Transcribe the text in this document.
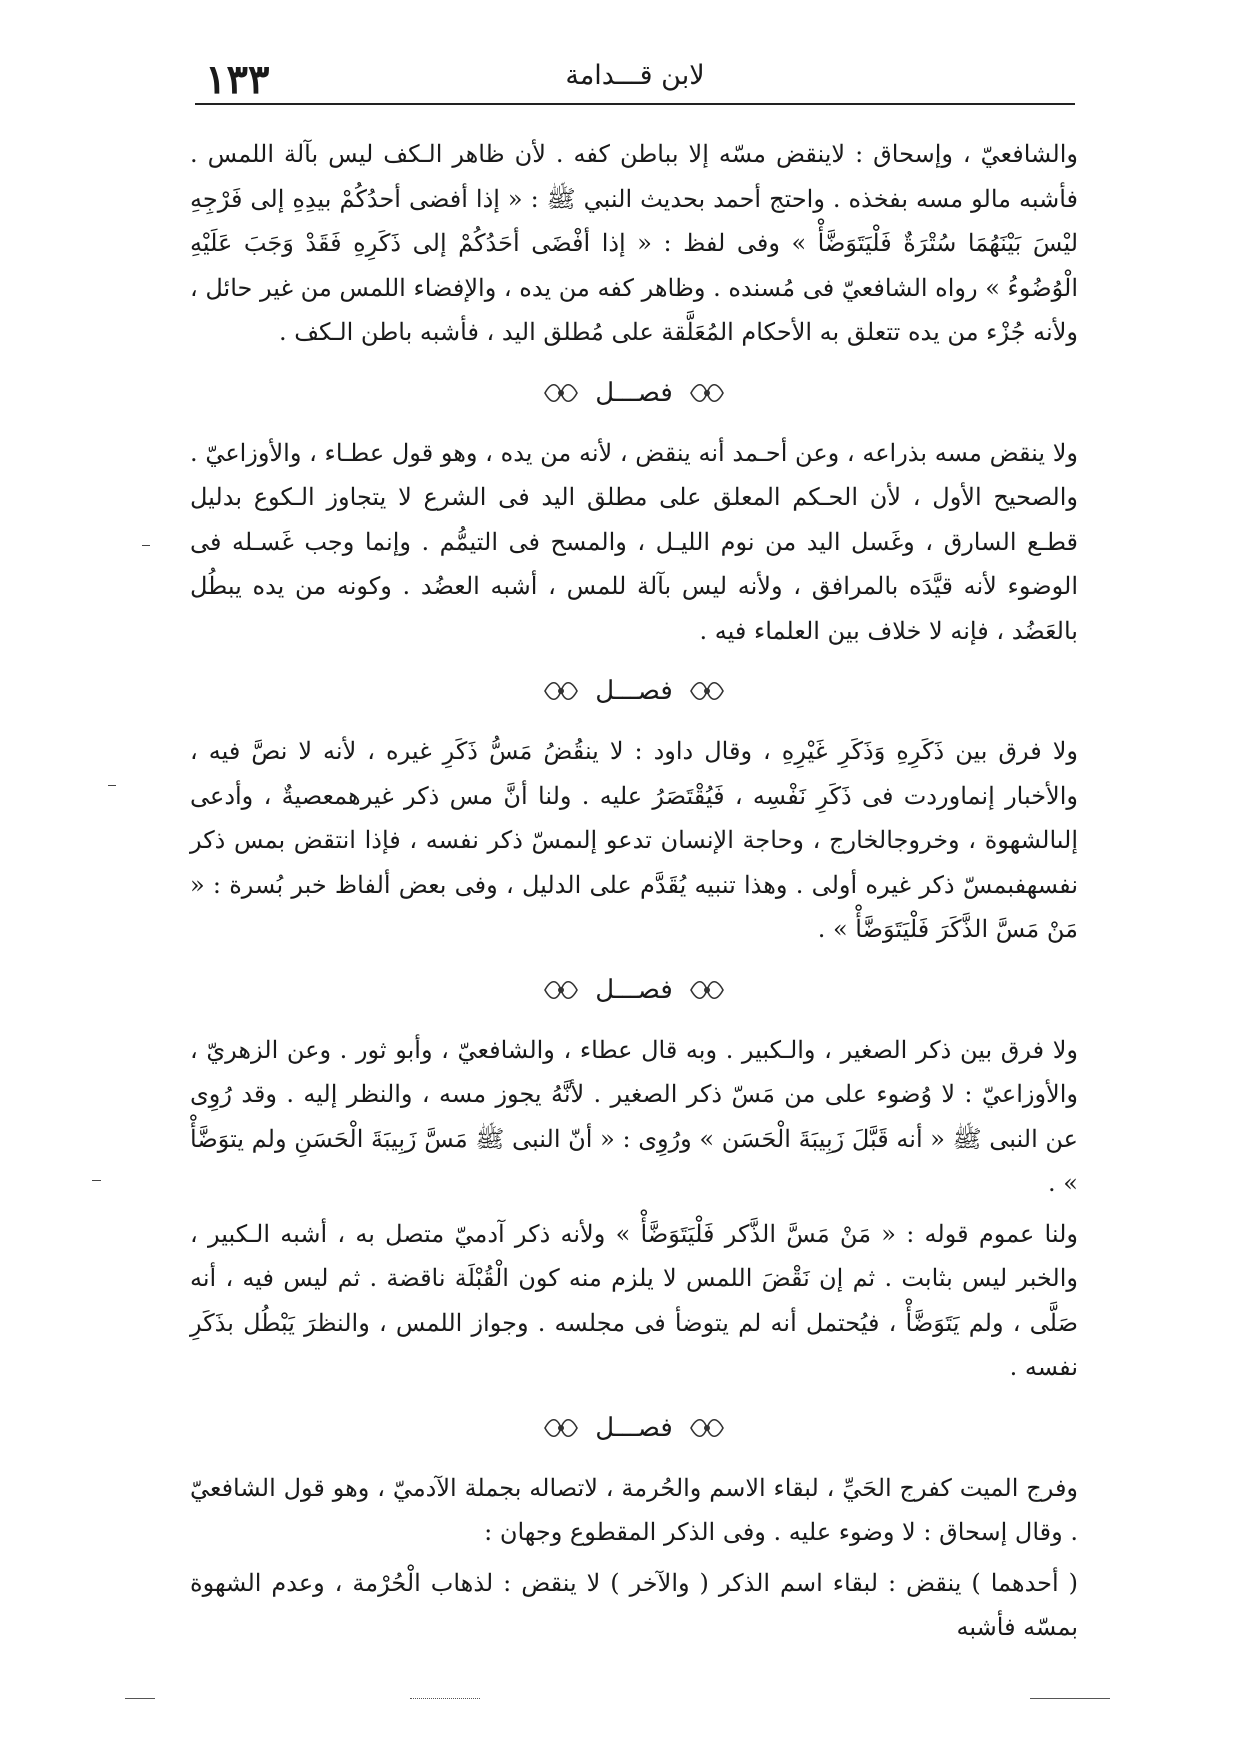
١٣٣	لابن قـــدامة

والشافعيّ ، وإسحاق : لاينقض مسّه إلا بباطن كفه . لأن ظاهر الـكف ليس بآلة اللمس . فأشبه مالو مسه بفخذه . واحتج أحمد بحديث النبي ﷺ : « إذا أفضى أحدُكُمْ بيدِهِ إلى فَرْجِهِ ليْسَ بَيْنَهُمَا سُتْرَةٌ فَلْيَتَوَضَّأْ » وفى لفظ : « إذا أفْضَى أحَدُكُمْ إلى ذَكَرِهِ فَقَدْ وَجَبَ عَلَيْهِ الْوُضُوءُ » رواه الشافعيّ فى مُسنده . وظاهر كفه من يده ، والإفضاء اللمس من غير حائل ، ولأنه جُزْء من يده تتعلق به الأحكام المُعَلَّقة على مُطلق اليد ، فأشبه باطن الـكف .

فصـــل

ولا ينقض مسه بذراعه ، وعن أحـمد أنه ينقض ، لأنه من يده ، وهو قول عطـاء ، والأوزاعيّ . والصحيح الأول ، لأن الحـكم المعلق على مطلق اليد فى الشرع لا يتجاوز الـكوع بدليل قطـع السارق ، وغَسل اليد من نوم الليـل ، والمسح فى التيمُّم . وإنما وجب غَسـله فى الوضوء لأنه قيَّدَه بالمرافق ، ولأنه ليس بآلة للمس ، أشبه العضُد . وكونه من يده يبطُل بالعَضُد ، فإنه لا خلاف بين العلماء فيه .

فصـــل

ولا فرق بين ذَكَرِهِ وَذَكَرِ غَيْرِهِ ، وقال داود : لا ينقُضُ مَسُّ ذَكَرِ غيره ، لأنه لا نصَّ فيه ، والأخبار إنماوردت فى ذَكَرِ نَفْسِه ، فَيُقْتَصَرُ عليه . ولنا أنَّ مس ذكر غيرهمعصيةٌ ، وأدعى إلىالشهوة ، وخروجالخارج ، وحاجة الإنسان تدعو إلىمسّ ذكر نفسه ، فإذا انتقض بمس ذكر نفسهفبمسّ ذكر غيره أولى . وهذا تنبيه يُقَدَّم على الدليل ، وفى بعض ألفاظ خبر بُسرة : « مَنْ مَسَّ الذَّكَرَ فَلْيَتَوَضَّأْ » .

فصـــل

ولا فرق بين ذكر الصغير ، والـكبير . وبه قال عطاء ، والشافعيّ ، وأبو ثور . وعن الزهريّ ، والأوزاعيّ : لا وُضوء على من مَسّ ذكر الصغير . لأنَّهُ يجوز مسه ، والنظر إليه . وقد رُوِى عن النبى ﷺ « أنه قَبَّلَ زَبِيبَةَ الْحَسَن » ورُوِى : « أنّ النبى ﷺ مَسَّ زَبِيبَةَ الْحَسَنِ ولم يتوَضَّأْ » .

ولنا عموم قوله : « مَنْ مَسَّ الذَّكر فَلْيَتَوَضَّأْ » ولأنه ذكر آدميّ متصل به ، أشبه الـكبير ، والخبر ليس بثابت . ثم إن نَقْضَ اللمس لا يلزم منه كون الْقُبْلَة ناقضة . ثم ليس فيه ، أنه صَلَّى ، ولم يَتَوَضَّأْ ، فيُحتمل أنه لم يتوضأ فى مجلسه . وجواز اللمس ، والنظرَ يَبْطُل بذَكَرِ نفسه .

فصـــل

وفرج الميت كفرج الحَيِّ ، لبقاء الاسم والحُرمة ، لاتصاله بجملة الآدميّ ، وهو قول الشافعيّ . وقال إسحاق : لا وضوء عليه . وفى الذكر المقطوع وجهان :

( أحدهما ) ينقض : لبقاء اسم الذكر ( والآخر ) لا ينقض : لذهاب الْحُرْمة ، وعدم الشهوة بمسّه فأشبه
